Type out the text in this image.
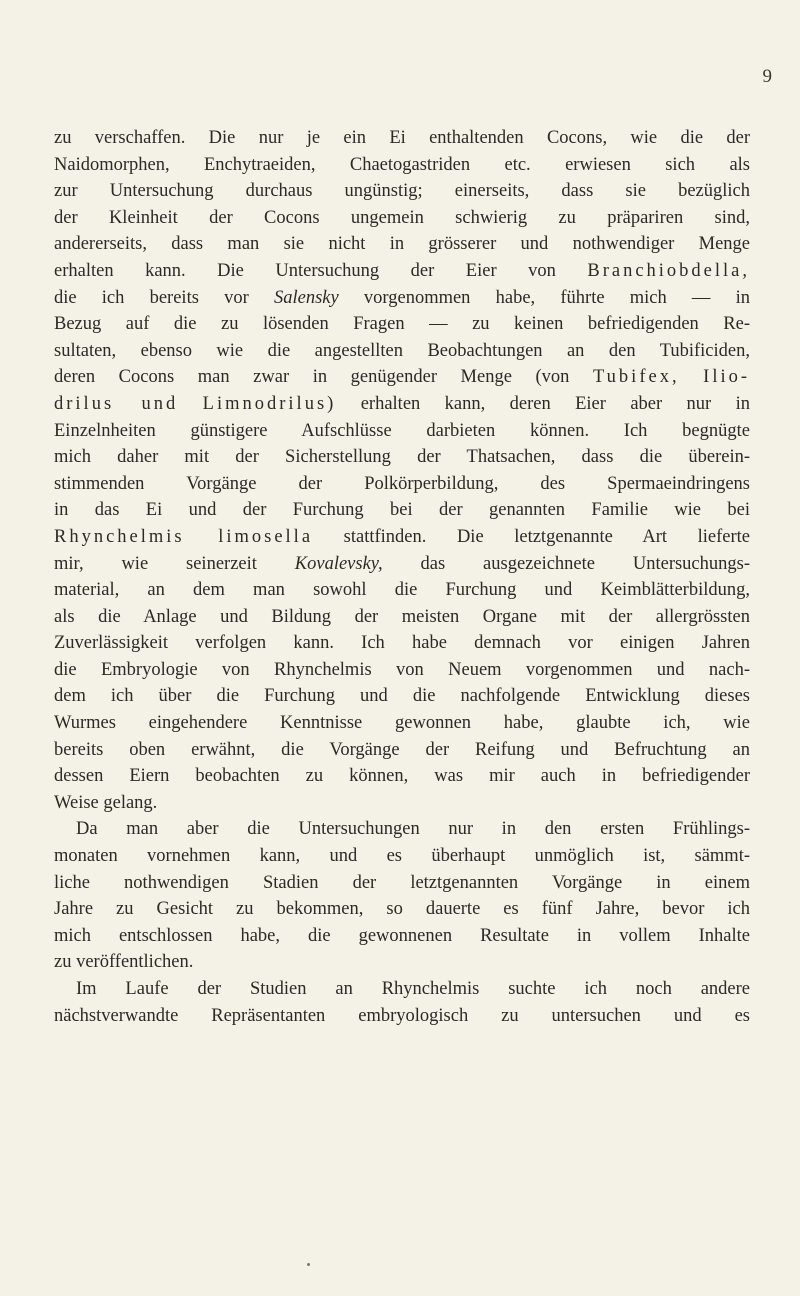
9
zu verschaffen. Die nur je ein Ei enthaltenden Cocons, wie die der
Naidomorphen, Enchytraeiden, Chaetogastriden etc. erwiesen sich als
zur Untersuchung durchaus ungünstig; einerseits, dass sie bezüglich
der Kleinheit der Cocons ungemein schwierig zu präpariren sind,
andererseits, dass man sie nicht in grösserer und nothwendiger Menge
erhalten kann. Die Untersuchung der Eier von Branchiobdella,
die ich bereits vor Salensky vorgenommen habe, führte mich — in
Bezug auf die zu lösenden Fragen — zu keinen befriedigenden Re-
sultaten, ebenso wie die angestellten Beobachtungen an den Tubificiden,
deren Cocons man zwar in genügender Menge (von Tubifex, Ilio-
drilus und Limnodrilus) erhalten kann, deren Eier aber nur in
Einzelnheiten günstigere Aufschlüsse darbieten können. Ich begnügte
mich daher mit der Sicherstellung der Thatsachen, dass die überein-
stimmenden Vorgänge der Polkörperbildung, des Spermaeindringens
in das Ei und der Furchung bei der genannten Familie wie bei
Rhynchelmis limosella stattfinden. Die letztgenannte Art lieferte
mir, wie seinerzeit Kovalevsky, das ausgezeichnete Untersuchungs-
material, an dem man sowohl die Furchung und Keimblätterbildung,
als die Anlage und Bildung der meisten Organe mit der allergrössten
Zuverlässigkeit verfolgen kann. Ich habe demnach vor einigen Jahren
die Embryologie von Rhynchelmis von Neuem vorgenommen und nach-
dem ich über die Furchung und die nachfolgende Entwicklung dieses
Wurmes eingehendere Kenntnisse gewonnen habe, glaubte ich, wie
bereits oben erwähnt, die Vorgänge der Reifung und Befruchtung an
dessen Eiern beobachten zu können, was mir auch in befriedigender
Weise gelang.
Da man aber die Untersuchungen nur in den ersten Frühlings-
monaten vornehmen kann, und es überhaupt unmöglich ist, sämmt-
liche nothwendigen Stadien der letztgenannten Vorgänge in einem
Jahre zu Gesicht zu bekommen, so dauerte es fünf Jahre, bevor ich
mich entschlossen habe, die gewonnenen Resultate in vollem Inhalte
zu veröffentlichen.
Im Laufe der Studien an Rhynchelmis suchte ich noch andere
nächstverwandte Repräsentanten embryologisch zu untersuchen und es
